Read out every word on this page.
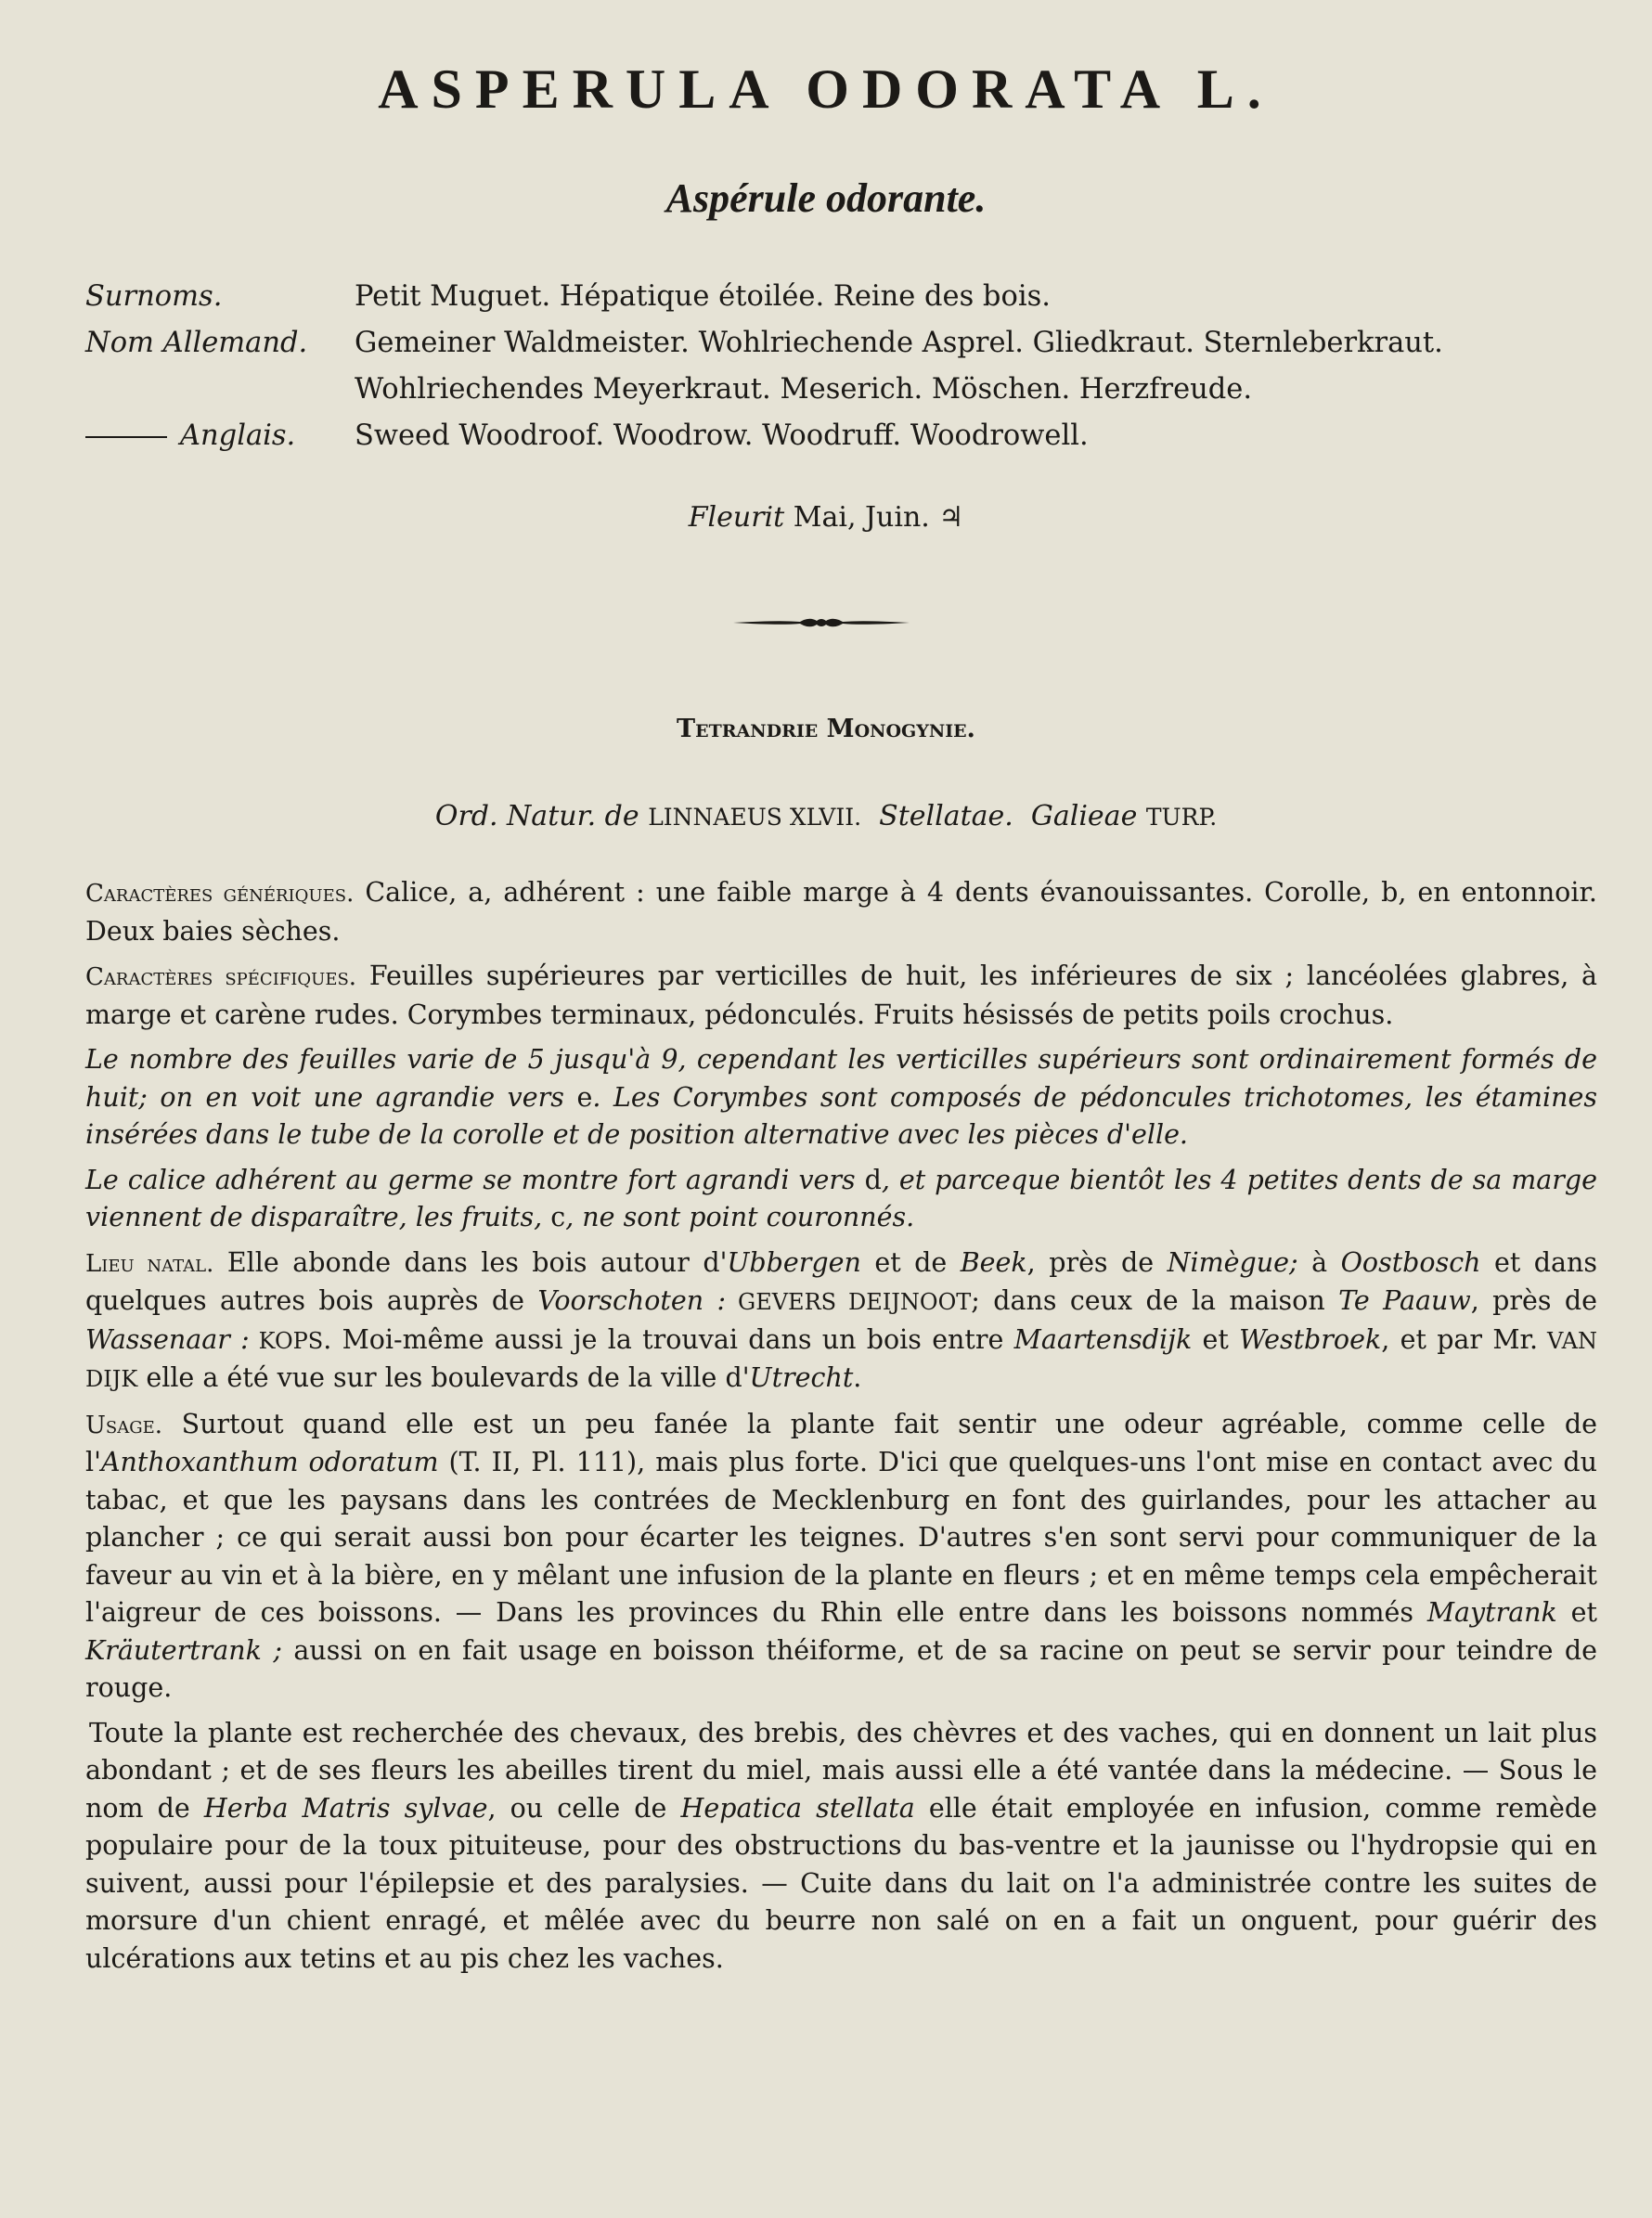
ASPERULA ODORATA L.
Aspérule odorante.
Surnoms.	Petit Muguet. Hépatique étoilée. Reine des bois.
Nom Allemand.	Gemeiner Waldmeister. Wohlriechende Asprel. Gliedkraut. Sternleberkraut.
Wohlriechendes Meyerkraut. Meserich. Möschen. Herzfreude.
Anglais.	Sweed Woodroof. Woodrow. Woodruff. Woodrowell.
Fleurit Mai, Juin. ♃
Tetrandrie Monogynie.
Ord. Natur. de LINNAEUS XLVII. Stellatae. Galieae TURP.

Caractères génériques. Calice, a, adhérent : une faible marge à 4 dents évanouissantes. Corolle, b, en entonnoir. Deux baies sèches.

Caractères spécifiques. Feuilles supérieures par verticilles de huit, les inférieures de six ; lancéolées glabres, à marge et carène rudes. Corymbes terminaux, pédonculés. Fruits hésissés de petits poils crochus.

Le nombre des feuilles varie de 5 jusqu'à 9, cependant les verticilles supérieurs sont ordinairement formés de huit; on en voit une agrandie vers e. Les Corymbes sont composés de pédoncules trichotomes, les étamines insérées dans le tube de la corolle et de position alternative avec les pièces d'elle.

Le calice adhérent au germe se montre fort agrandi vers d, et parceque bientôt les 4 petites dents de sa marge viennent de disparaître, les fruits, c, ne sont point couronnés.

Lieu natal. Elle abonde dans les bois autour d'Ubbergen et de Beek, près de Nimègue; à Oostbosch et dans quelques autres bois auprès de Voorschoten : GEVERS DEIJNOOT; dans ceux de la maison Te Paauw, près de Wassenaar : KOPS. Moi-même aussi je la trouvai dans un bois entre Maartensdijk et Westbroek, et par Mr. VAN DIJK elle a été vue sur les boulevards de la ville d'Utrecht.

Usage. Surtout quand elle est un peu fanée la plante fait sentir une odeur agréable, comme celle de l'Anthoxanthum odoratum (T. II, Pl. 111), mais plus forte. D'ici que quelques-uns l'ont mise en contact avec du tabac, et que les paysans dans les contrées de Mecklenburg en font des guirlandes, pour les attacher au plancher ; ce qui serait aussi bon pour écarter les teignes. D'autres s'en sont servi pour communiquer de la faveur au vin et à la bière, en y mêlant une infusion de la plante en fleurs ; et en même temps cela empêcherait l'aigreur de ces boissons. — Dans les provinces du Rhin elle entre dans les boissons nommés Maytrank et Kräutertrank ; aussi on en fait usage en boisson théiforme, et de sa racine on peut se servir pour teindre de rouge.

Toute la plante est recherchée des chevaux, des brebis, des chèvres et des vaches, qui en donnent un lait plus abondant ; et de ses fleurs les abeilles tirent du miel, mais aussi elle a été vantée dans la médecine. — Sous le nom de Herba Matris sylvae, ou celle de Hepatica stellata elle était employée en infusion, comme remède populaire pour de la toux pituiteuse, pour des obstructions du bas-ventre et la jaunisse ou l'hydropsie qui en suivent, aussi pour l'épilepsie et des paralysies. — Cuite dans du lait on l'a administrée contre les suites de morsure d'un chient enragé, et mêlée avec du beurre non salé on en a fait un onguent, pour guérir des ulcérations aux tetins et au pis chez les vaches.
